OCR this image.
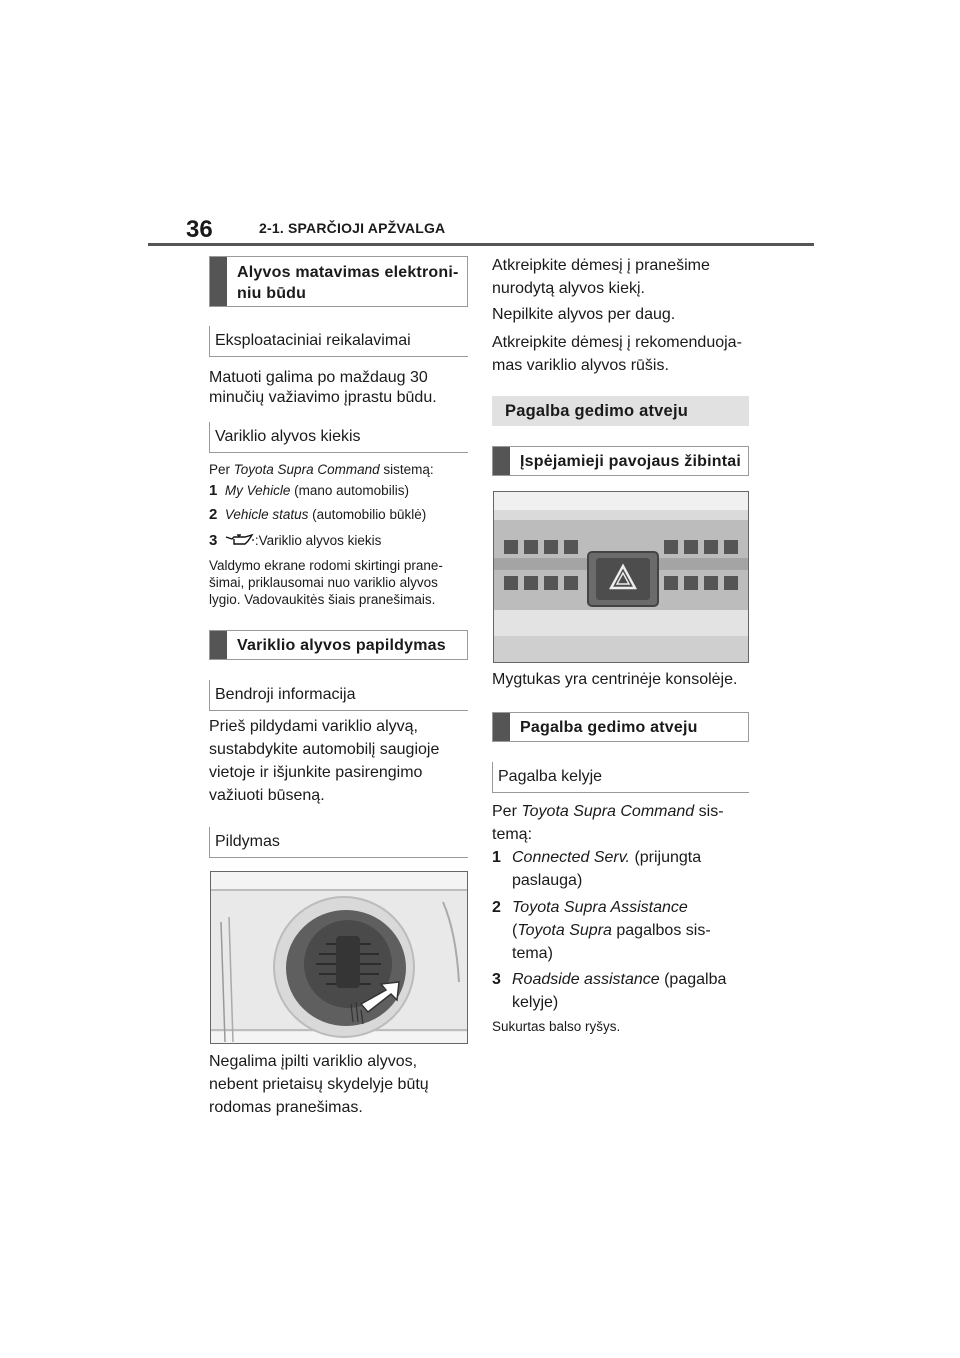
36	2-1. SPARČIOJI APŽVALGA
Alyvos matavimas elektroni-
niu būdu
Eksploataciniai reikalavimai
Matuoti galima po maždaug 30
minučių važiavimo įprastu būdu.
Variklio alyvos kiekis
Per Toyota Supra Command sistemą:
1 My Vehicle (mano automobilis)
2 Vehicle status (automobilio būklė)
3	:Variklio alyvos kiekis
Valdymo ekrane rodomi skirtingi prane-
šimai, priklausomai nuo variklio alyvos
lygio. Vadovaukitės šiais pranešimais.
Variklio alyvos papildymas
Bendroji informacija
Prieš pildydami variklio alyvą,
sustabdykite automobilį saugioje
vietoje ir išjunkite pasirengimo
važiuoti būseną.
Pildymas
Negalima įpilti variklio alyvos,
nebent prietaisų skydelyje būtų
rodomas pranešimas.
Atkreipkite dėmesį į pranešime
nurodytą alyvos kiekį.
Nepilkite alyvos per daug.
Atkreipkite dėmesį į rekomenduoja-
mas variklio alyvos rūšis.
Pagalba gedimo atveju
Įspėjamieji pavojaus žibintai
Mygtukas yra centrinėje konsolėje.
Pagalba gedimo atveju
Pagalba kelyje
Per Toyota Supra Command sis-
temą:
1 Connected Serv. (prijungta
paslauga)
2 Toyota Supra Assistance
(Toyota Supra pagalbos sis-
tema)
3 Roadside assistance (pagalba
kelyje)
Sukurtas balso ryšys.
